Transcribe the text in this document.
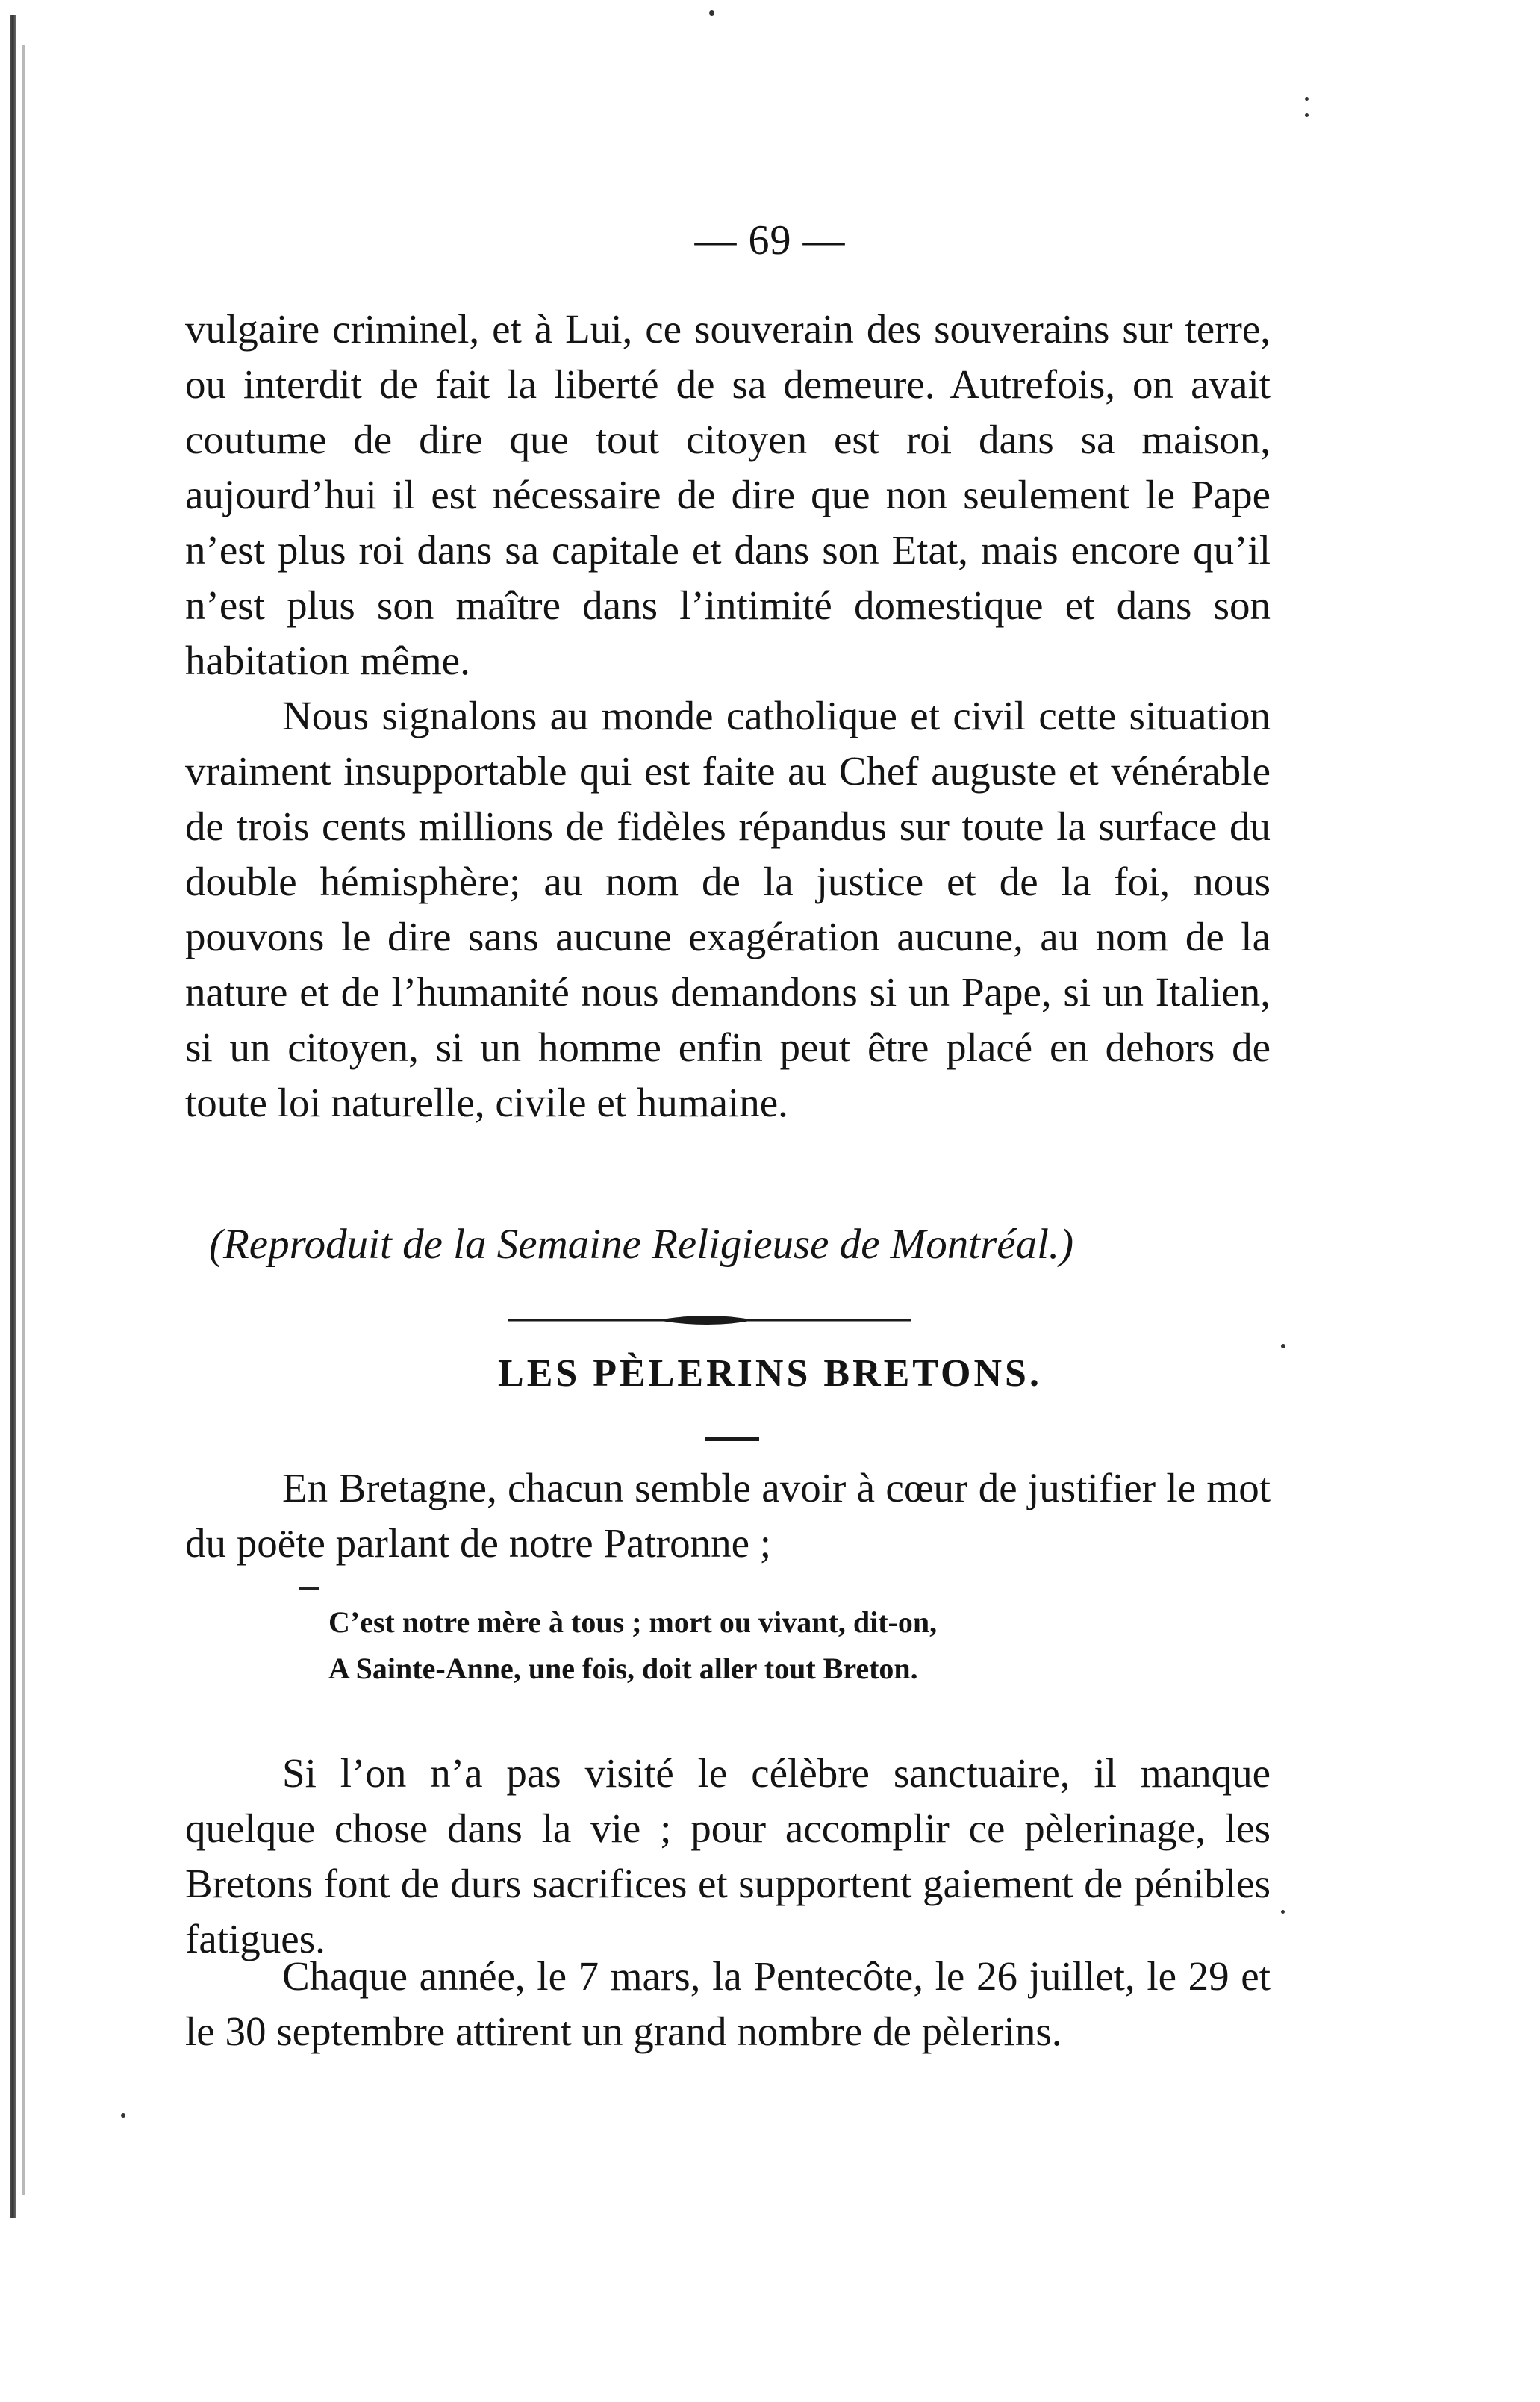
— 69 —

vulgaire criminel, et à Lui, ce souverain des souverains sur terre, ou interdit de fait la liberté de sa demeure. Autrefois, on avait coutume de dire que tout citoyen est roi dans sa maison, aujourd’hui il est nécessaire de dire que non seulement le Pape n’est plus roi dans sa capitale et dans son Etat, mais encore qu’il n’est plus son maître dans l’intimité domestique et dans son habitation même.

Nous signalons au monde catholique et civil cette situation vraiment insupportable qui est faite au Chef auguste et vénérable de trois cents millions de fidèles répandus sur toute la surface du double hémisphère; au nom de la justice et de la foi, nous pouvons le dire sans aucune exagération aucune, au nom de la nature et de l’humanité nous demandons si un Pape, si un Italien, si un citoyen, si un homme enfin peut être placé en dehors de toute loi naturelle, civile et humaine.

(Reproduit de la Semaine Religieuse de Montréal.)
LES PÈLERINS BRETONS.

En Bretagne, chacun semble avoir à cœur de justifier le mot du poëte parlant de notre Patronne ;

C’est notre mère à tous ; mort ou vivant, dit-on,
A Sainte-Anne, une fois, doit aller tout Breton.

Si l’on n’a pas visité le célèbre sanctuaire, il manque quelque chose dans la vie ; pour accomplir ce pèlerinage, les Bretons font de durs sacrifices et supportent gaiement de pénibles fatigues.

Chaque année, le 7 mars, la Pentecôte, le 26 juillet, le 29 et le 30 septembre attirent un grand nombre de pèlerins.
